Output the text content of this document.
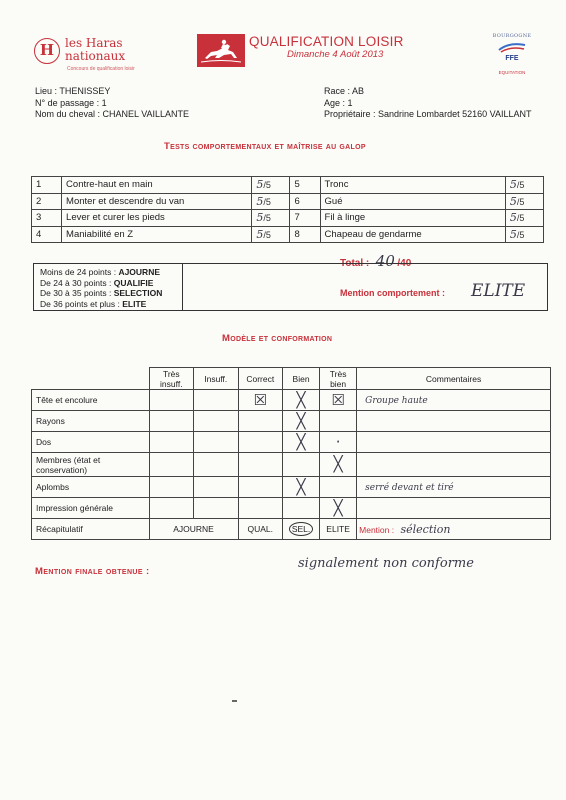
H les Haras
nationaux
Concours de qualification loisir
QUALIFICATION LOISIR
Dimanche 4 Août 2013
BOURGOGNE
FFE
EQUITATION
Lieu : THENISSEY
N° de passage : 1
Nom du cheval : CHANEL VAILLANTE
Race : AB
Age : 1
Propriétaire : Sandrine Lombardet 52160 VAILLANT
Tests comportementaux et maîtrise au galop
1	Contre-haut en main	5/5	5	Tronc	5/5
2	Monter et descendre du van	5/5	6	Gué	5/5
3	Lever et curer les pieds	5/5	7	Fil à linge	5/5
4	Maniabilité en Z	5/5	8	Chapeau de gendarme	5/5
Total : 40 /40
Moins de 24 points : AJOURNE
De 24 à 30 points : QUALIFIE
De 30 à 35 points : SELECTION
De 36 points et plus : ELITE
Mention comportement : ELITE
Modèle et conformation
	Très insuff.	Insuff.	Correct	Bien	Très bien	Commentaires
Tête et encolure			☒	╳	☒	Groupe haute
Rayons				╳		
Dos				╳	·	
Membres (état et conservation)					╳	
Aplombs				╳		serré devant et tiré
Impression générale					╳	
Récapitulatif	AJOURNE		QUAL.	SEL.	ELITE	Mention : sélection
Mention finale obtenue :
signalement non conforme
